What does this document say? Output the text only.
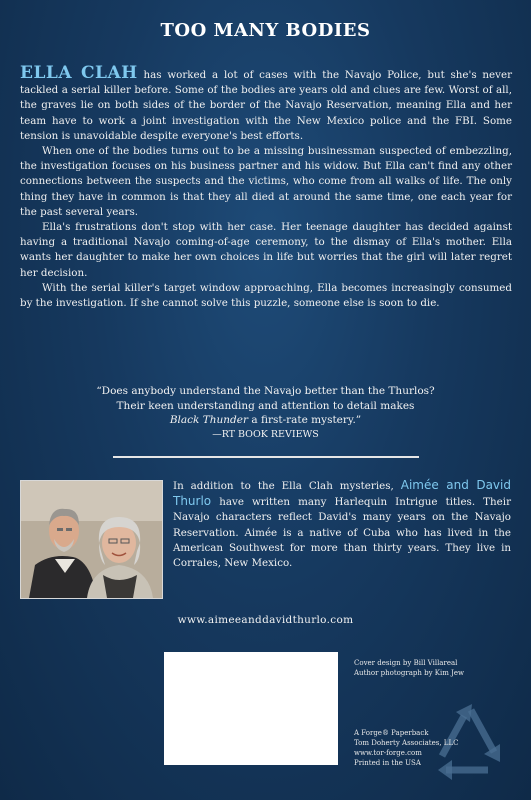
TOO MANY BODIES

ELLA CLAH has worked a lot of cases with the Navajo Police, but she's never tackled a serial killer before. Some of the bodies are years old and clues are few. Worst of all, the graves lie on both sides of the border of the Navajo Reservation, meaning Ella and her team have to work a joint investigation with the New Mexico police and the FBI. Some tension is unavoidable despite everyone's best efforts.

When one of the bodies turns out to be a missing businessman suspected of embezzling, the investigation focuses on his business partner and his widow. But Ella can't find any other connections between the suspects and the victims, who come from all walks of life. The only thing they have in common is that they all died at around the same time, one each year for the past several years.

Ella's frustrations don't stop with her case. Her teenage daughter has decided against having a traditional Navajo coming-of-age ceremony, to the dismay of Ella's mother. Ella wants her daughter to make her own choices in life but worries that the girl will later regret her decision.

With the serial killer's target window approaching, Ella becomes increasingly consumed by the investigation. If she cannot solve this puzzle, someone else is soon to die.

“Does anybody understand the Navajo better than the Thurlos?
Their keen understanding and attention to detail makes
Black Thunder a first-rate mystery.”
—RT BOOK REVIEWS
In addition to the Ella Clah mysteries, Aimée and David Thurlo have written many Harlequin Intrigue titles. Their Navajo characters reflect David's many years on the Navajo Reservation. Aimée is a native of Cuba who has lived in the American Southwest for more than thirty years. They live in Corrales, New Mexico.
www.aimeeanddavidthurlo.com
Cover design by Bill Villareal
Author photograph by Kim Jew
A Forge® Paperback
Tom Doherty Associates, LLC
www.tor-forge.com
Printed in the USA
